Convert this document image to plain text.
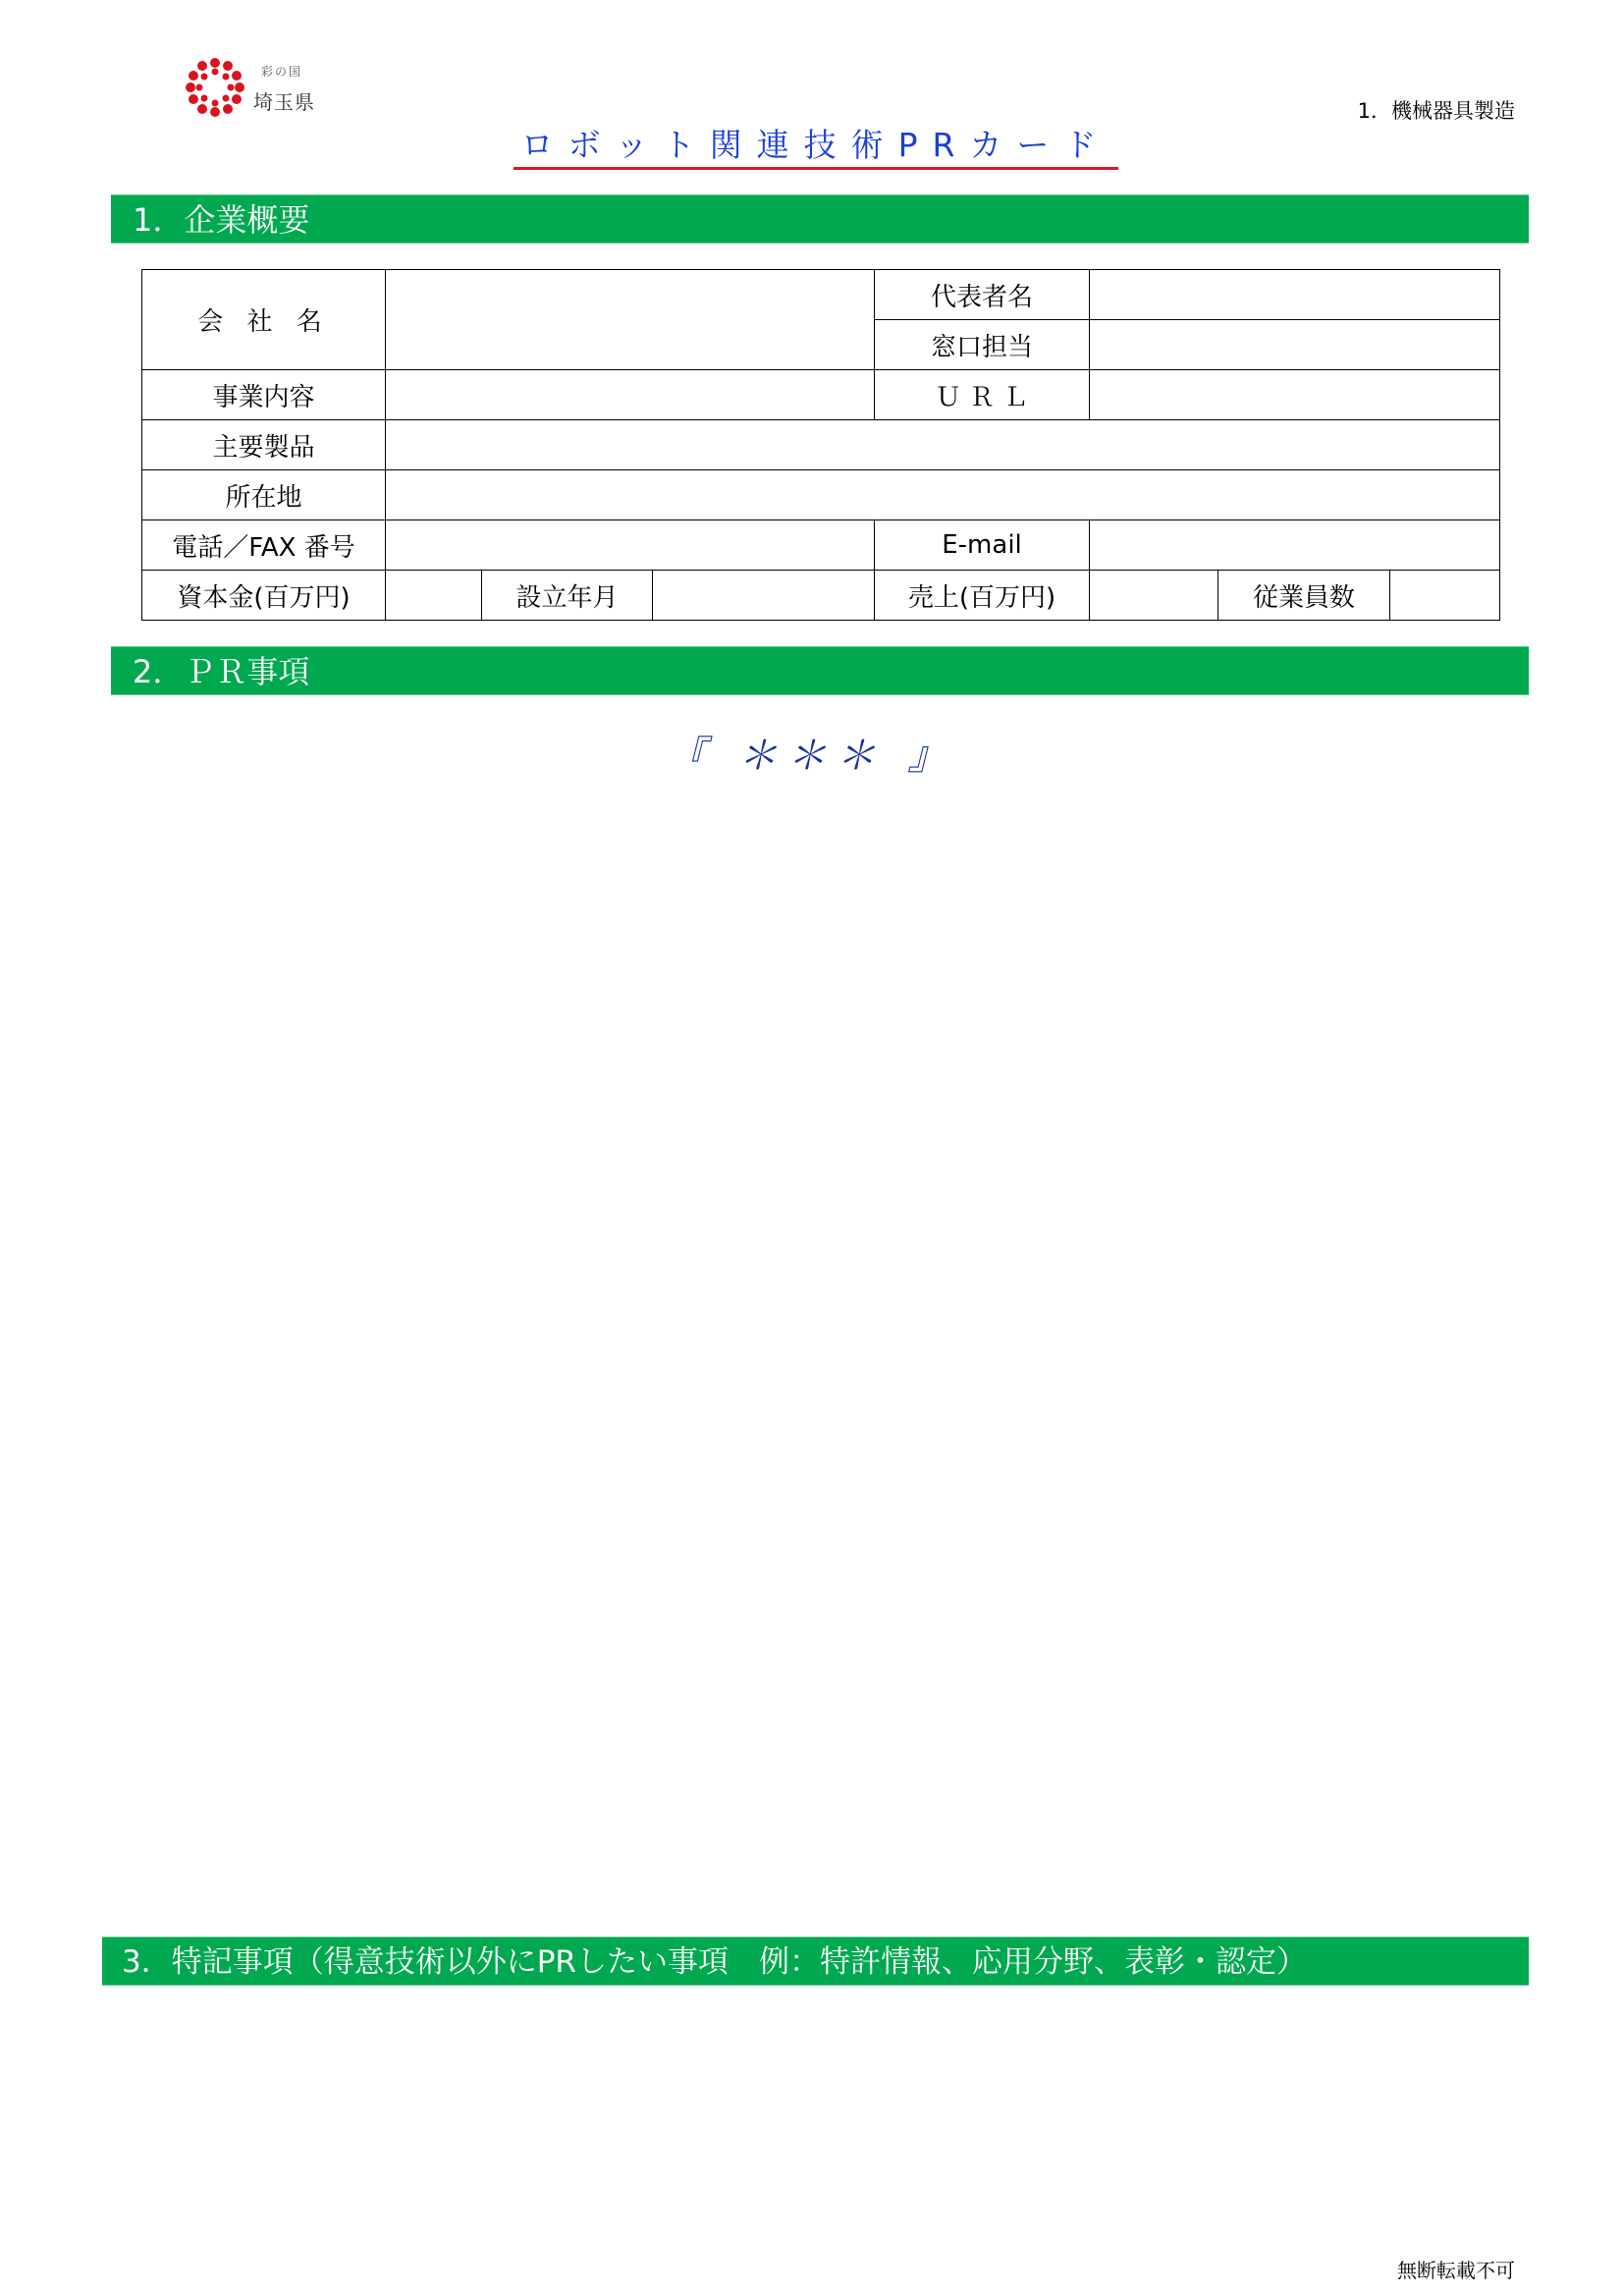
彩の国
埼玉県	1．機械器具製造
ロボット関連技術PRカード
1．企業概要
会 社 名				代表者名			
				窓口担当			
事業内容				Ｕ Ｒ Ｌ			
主要製品							
所在地							
電話／FAX 番号				E-mail			
資本金(百万円)		設立年月		売上(百万円)		従業員数	
2．ＰＲ事項
『 ＊＊＊ 』
3．特記事項（得意技術以外にPRしたい事項　例：特許情報、応用分野、表彰・認定）
無断転載不可
